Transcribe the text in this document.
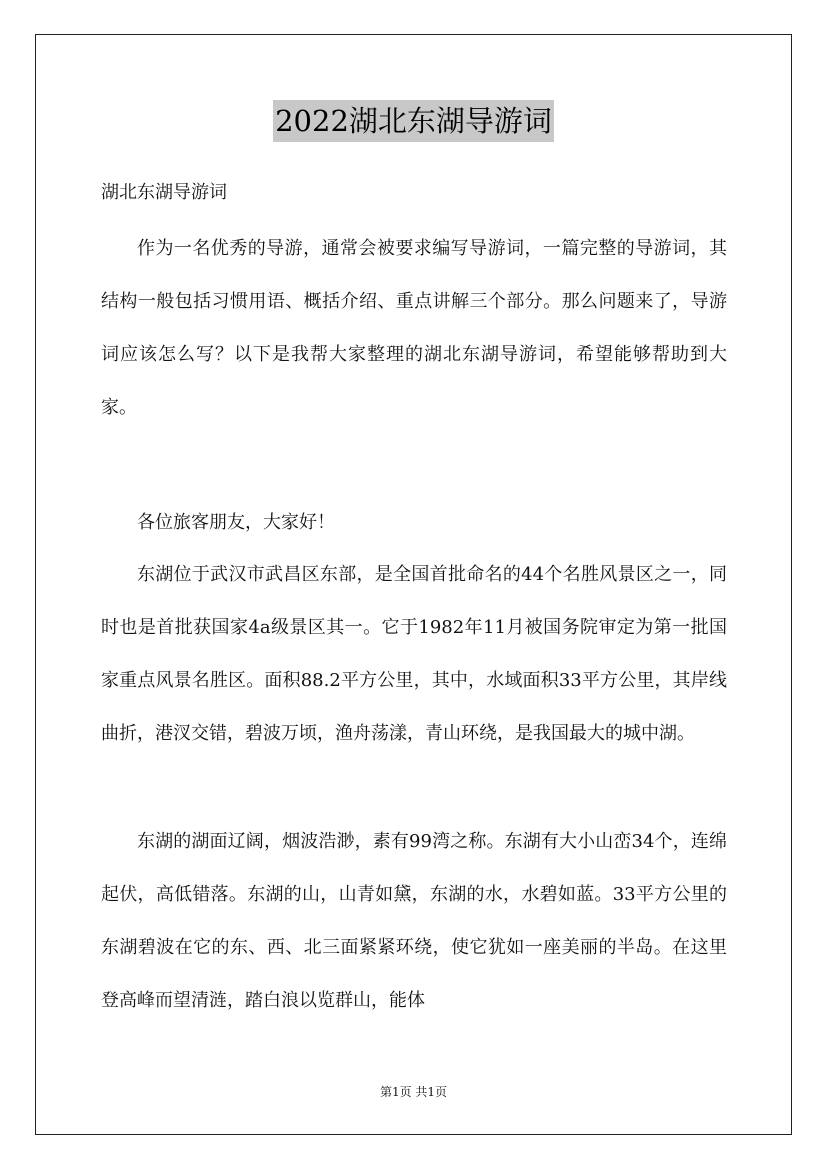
2022湖北东湖导游词
湖北东湖导游词

作为一名优秀的导游，通常会被要求编写导游词，一篇完整的导游词，其结构一般包括习惯用语、概括介绍、重点讲解三个部分。那么问题来了，导游词应该怎么写？以下是我帮大家整理的湖北东湖导游词，希望能够帮助到大家。

各位旅客朋友，大家好！

东湖位于武汉市武昌区东部，是全国首批命名的44个名胜风景区之一，同时也是首批获国家4a级景区其一。它于1982年11月被国务院审定为第一批国家重点风景名胜区。面积88.2平方公里，其中，水域面积33平方公里，其岸线曲折，港汊交错，碧波万顷，渔舟荡漾，青山环绕，是我国最大的城中湖。

东湖的湖面辽阔，烟波浩渺，素有99湾之称。东湖有大小山峦34个，连绵起伏，高低错落。东湖的山，山青如黛，东湖的水，水碧如蓝。33平方公里的东湖碧波在它的东、西、北三面紧紧环绕，使它犹如一座美丽的半岛。在这里登高峰而望清涟，踏白浪以览群山，能体

第1页 共1页
